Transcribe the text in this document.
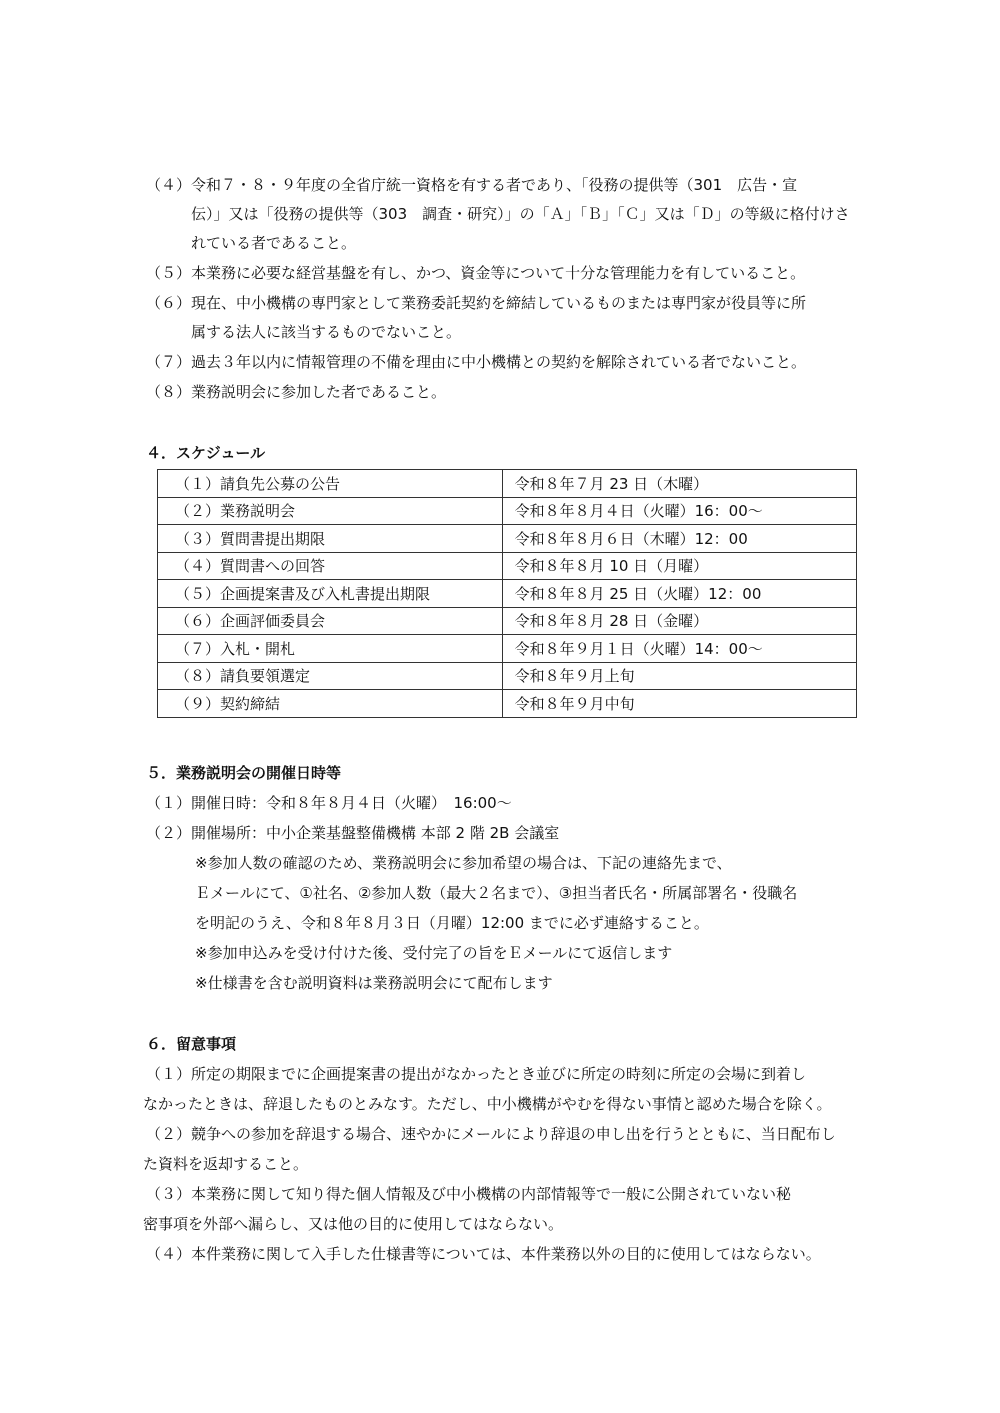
（４）令和７・８・９年度の全省庁統一資格を有する者であり、「役務の提供等（301　広告・宣
伝）」又は「役務の提供等（303　調査・研究）」の「Ａ」「Ｂ」「Ｃ」又は「Ｄ」の等級に格付けさ
れている者であること。
（５）本業務に必要な経営基盤を有し、かつ、資金等について十分な管理能力を有していること。
（６）現在、中小機構の専門家として業務委託契約を締結しているものまたは専門家が役員等に所
属する法人に該当するものでないこと。
（７）過去３年以内に情報管理の不備を理由に中小機構との契約を解除されている者でないこと。
（８）業務説明会に参加した者であること。
４．スケジュール
（１）請負先公募の公告	令和８年７月 23 日（木曜）
（２）業務説明会	令和８年８月４日（火曜）16：00～
（３）質問書提出期限	令和８年８月６日（木曜）12：00
（４）質問書への回答	令和８年８月 10 日（月曜）
（５）企画提案書及び入札書提出期限	令和８年８月 25 日（火曜）12：00
（６）企画評価委員会	令和８年８月 28 日（金曜）
（７）入札・開札	令和８年９月１日（火曜）14：00～
（８）請負要領選定	令和８年９月上旬
（９）契約締結	令和８年９月中旬
５．業務説明会の開催日時等
（１）開催日時：令和８年８月４日（火曜）　16:00～
（２）開催場所：中小企業基盤整備機構 本部 2 階 2B 会議室
※参加人数の確認のため、業務説明会に参加希望の場合は、下記の連絡先まで、
Ｅメールにて、①社名、②参加人数（最大２名まで）、③担当者氏名・所属部署名・役職名
を明記のうえ、令和８年８月３日（月曜）12:00 までに必ず連絡すること。
※参加申込みを受け付けた後、受付完了の旨をＥメールにて返信します
※仕様書を含む説明資料は業務説明会にて配布します
６．留意事項
（１）所定の期限までに企画提案書の提出がなかったとき並びに所定の時刻に所定の会場に到着し
なかったときは、辞退したものとみなす。ただし、中小機構がやむを得ない事情と認めた場合を除く。
（２）競争への参加を辞退する場合、速やかにメールにより辞退の申し出を行うとともに、当日配布し
た資料を返却すること。
（３）本業務に関して知り得た個人情報及び中小機構の内部情報等で一般に公開されていない秘
密事項を外部へ漏らし、又は他の目的に使用してはならない。
（４）本件業務に関して入手した仕様書等については、本件業務以外の目的に使用してはならない。
